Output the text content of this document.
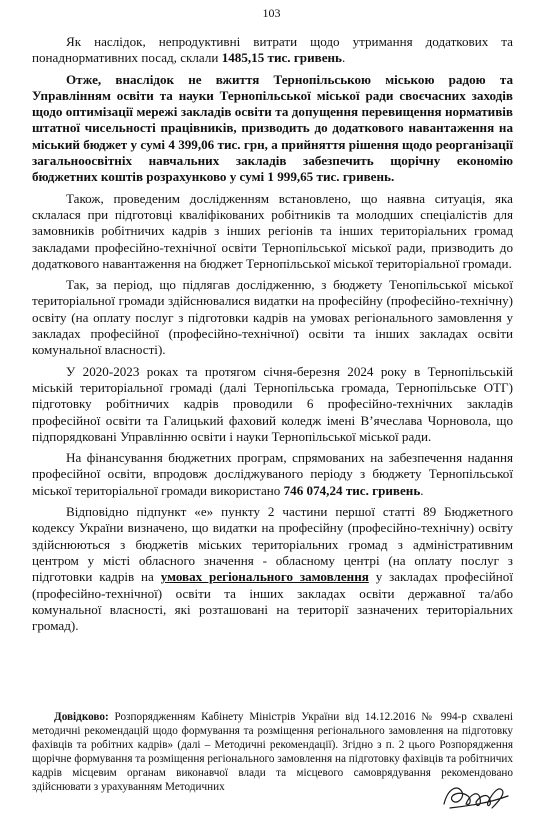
103

Як наслідок, непродуктивні витрати щодо утримання додаткових та понаднормативних посад, склали 1485,15 тис. гривень.

Отже, внаслідок не вжиття Тернопільською міською радою та Управлінням освіти та науки Тернопільської міської ради своєчасних заходів щодо оптимізації мережі закладів освіти та допущення перевищення нормативів штатної чисельності працівників, призводить до додаткового навантаження на міський бюджет у сумі 4 399,06 тис. грн, а прийняття рішення щодо реорганізації загальноосвітніх навчальних закладів забезпечить щорічну економію бюджетних коштів розрахунково у сумі 1 999,65 тис. гривень.

Також, проведеним дослідженням встановлено, що наявна ситуація, яка склалася при підготовці кваліфікованих робітників та молодших спеціалістів для замовників робітничих кадрів з інших регіонів та інших територіальних громад закладами професійно-технічної освіти Тернопільської міської ради, призводить до додаткового навантаження на бюджет Тернопільської міської територіальної громади.

Так, за період, що підлягав дослідженню, з бюджету Тенопільської міської територіальної громади здійснювалися видатки на професійну (професійно-технічну) освіту (на оплату послуг з підготовки кадрів на умовах регіонального замовлення у закладах професійної (професійно-технічної) освіти та інших закладах освіти комунальної власності).

У 2020-2023 роках та протягом січня-березня 2024 року в Тернопільській міській територіальної громаді (далі Тернопільська громада, Тернопільське ОТГ) підготовку робітничих кадрів проводили 6 професійно-технічних закладів професійної освіти та Галицький фаховий коледж імені В’ячеслава Чорновола, що підпорядковані Управлінню освіти і науки Тернопільської міської ради.

На фінансування бюджетних програм, спрямованих на забезпечення надання професійної освіти, впродовж досліджуваного періоду з бюджету Тернопільської міської територіальної громади використано 746 074,24 тис. гривень.

Відповідно підпункт «е» пункту 2 частини першої статті 89 Бюджетного кодексу України визначено, що видатки на професійну (професійно-технічну) освіту здійснюються з бюджетів міських територіальних громад з адміністративним центром у місті обласного значення - обласному центрі (на оплату послуг з підготовки кадрів на умовах регіонального замовлення у закладах професійної (професійно-технічної) освіти та інших закладах освіти державної та/або комунальної власності, які розташовані на території зазначених територіальних громад).

Довідково: Розпорядженням Кабінету Міністрів України від 14.12.2016 № 994-р схвалені методичні рекомендацій щодо формування та розміщення регіонального замовлення на підготовку фахівців та робітних кадрів» (далі – Методичні рекомендації). Згідно з п. 2 цього Розпорядження щорічне формування та розміщення регіонального замовлення на підготовку фахівців та робітничих кадрів місцевим органам виконавчої влади та місцевого самоврядування рекомендовано здійснювати з урахуванням Методичних
